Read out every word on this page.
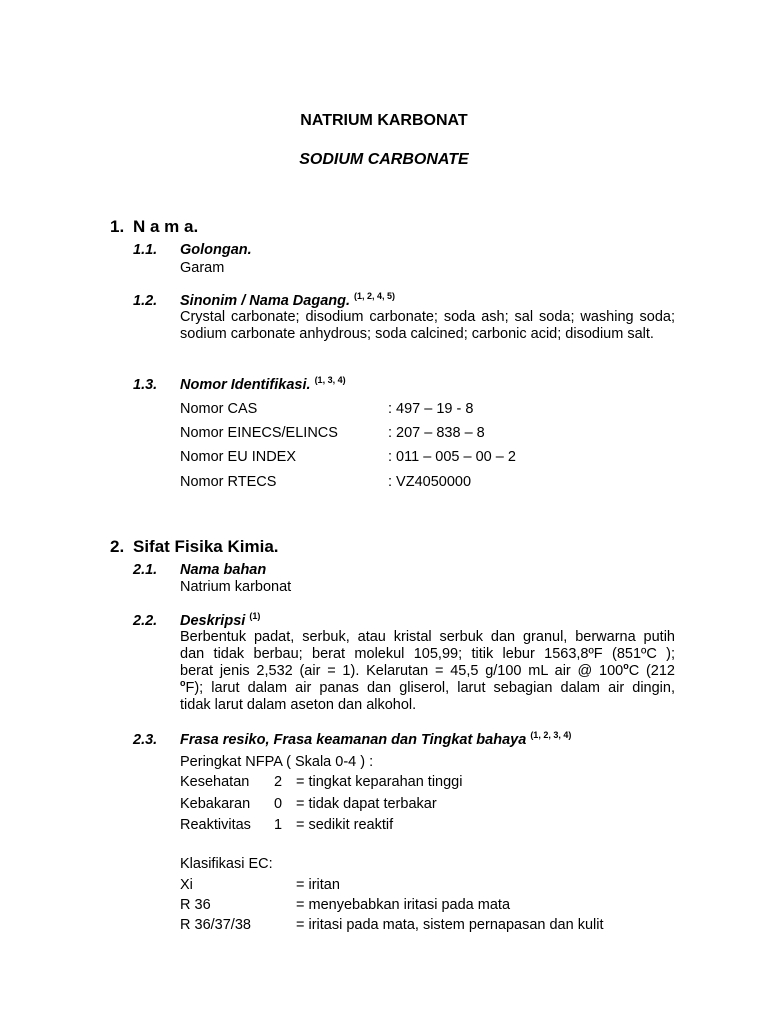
NATRIUM KARBONAT
SODIUM CARBONATE
1. N a m a.
1.1. Golongan.
Garam
1.2. Sinonim / Nama Dagang. $^{(1, 2, 4, 5)}$
Crystal carbonate; disodium carbonate; soda ash; sal soda; washing soda; sodium carbonate anhydrous; soda calcined; carbonic acid; disodium salt.
1.3. Nomor Identifikasi. $^{(1, 3, 4)}$
Nomor CAS	: 497 – 19 - 8
Nomor EINECS/ELINCS	: 207 – 838 – 8
Nomor EU INDEX	: 011 – 005 – 00 – 2
Nomor RTECS	: VZ4050000
2. Sifat Fisika Kimia.
2.1. Nama bahan
Natrium karbonat
2.2. Deskripsi $^{(1)}$

Berbentuk padat, serbuk, atau kristal serbuk dan granul, berwarna putih

dan tidak berbau; berat molekul 105,99; titik lebur 1563,8ºF (851ºC );

berat jenis 2,532 (air = 1). Kelarutan = 45,5 g/100 mL air @ 100$^o$C (212

$^o$F); larut dalam air panas dan gliserol, larut sebagian dalam air dingin,

tidak larut dalam aseton dan alkohol.

2.3. Frasa resiko, Frasa keamanan dan Tingkat bahaya $^{(1, 2, 3, 4)}$
Peringkat NFPA ( Skala 0-4 ) :
Kesehatan 2 = tingkat keparahan tinggi
Kebakaran 0 = tidak dapat terbakar
Reaktivitas 1 = sedikit reaktif
Klasifikasi EC:
Xi	= iritan
R 36	= menyebabkan iritasi pada mata
R 36/37/38	= iritasi pada mata, sistem pernapasan dan kulit
